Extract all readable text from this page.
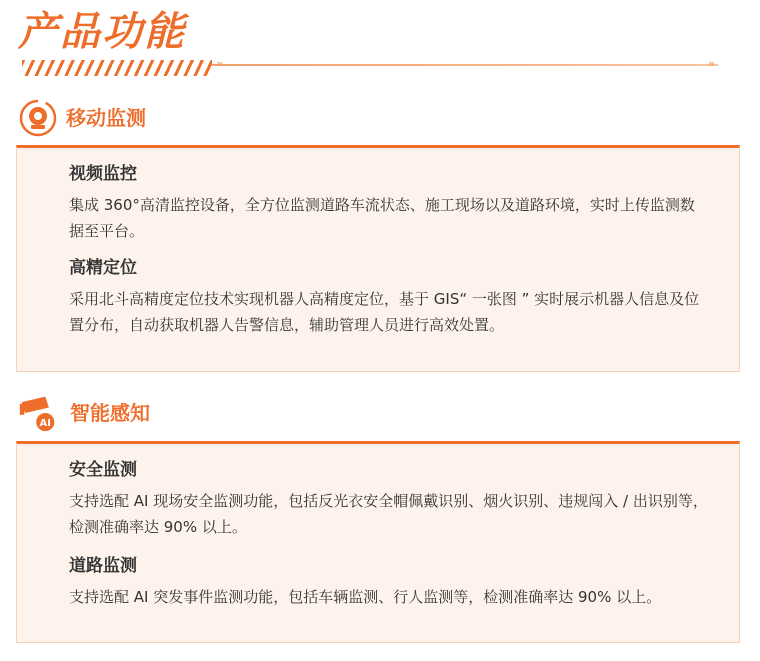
产品功能
»
移动监测
视频监控

集成 360°高清监控设备，全方位监测道路车流状态、施工现场以及道路环境，实时上传监测数据至平台。

高精定位

采用北斗高精度定位技术实现机器人高精度定位，基于 GIS“ 一张图 ” 实时展示机器人信息及位置分布，自动获取机器人告警信息，辅助管理人员进行高效处置。

AI 智能感知
安全监测

支持选配 AI 现场安全监测功能，包括反光衣安全帽佩戴识别、烟火识别、违规闯入 / 出识别等，检测准确率达 90% 以上。

道路监测

支持选配 AI 突发事件监测功能，包括车辆监测、行人监测等，检测准确率达 90% 以上。
